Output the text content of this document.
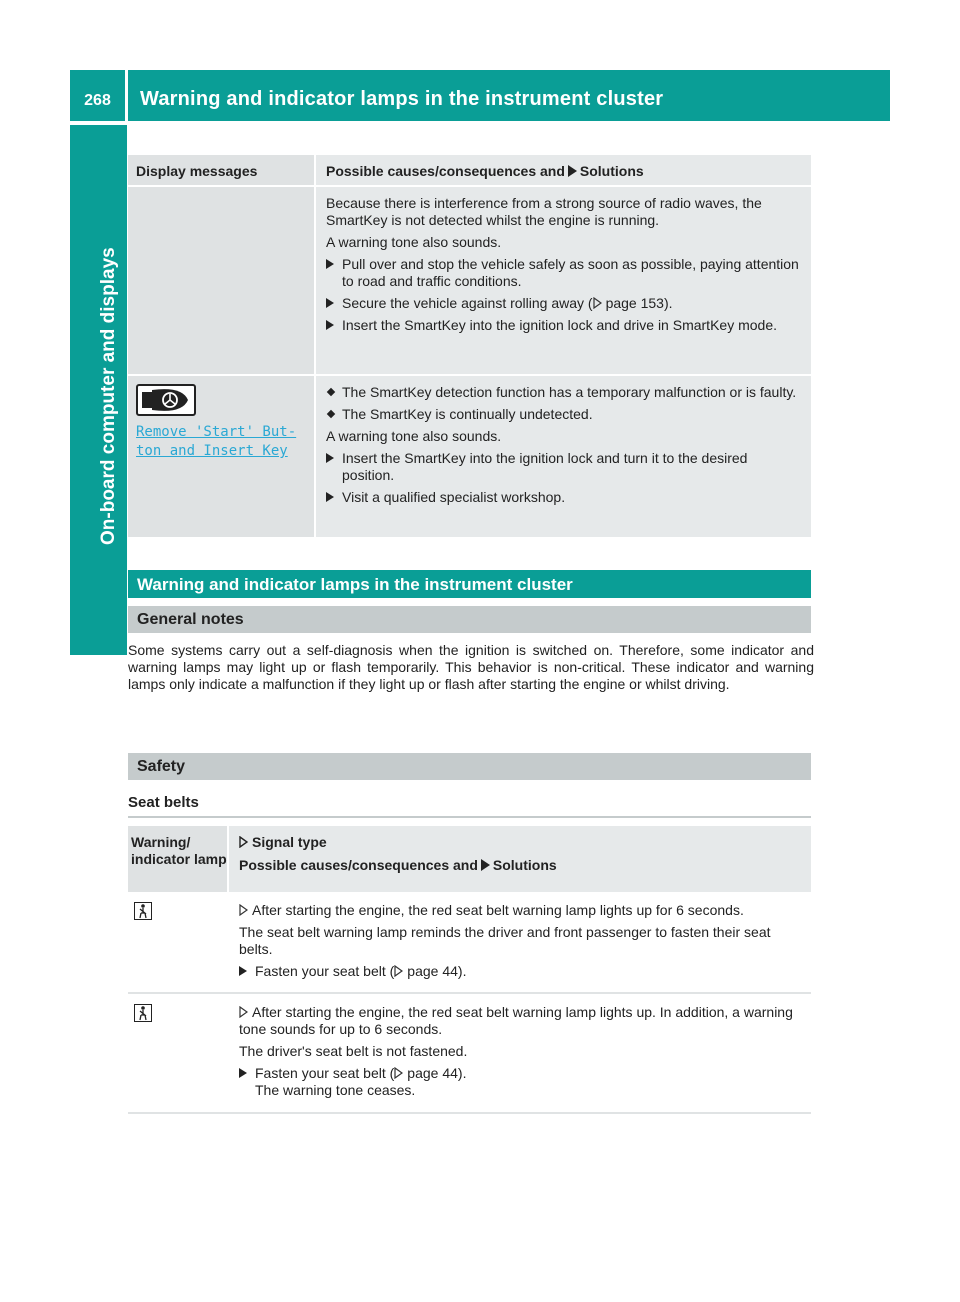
268	Warning and indicator lamps in the instrument cluster
On-board computer and displays
Display messages	Possible causes/consequences and Solutions

Because there is interference from a strong source of radio waves, the SmartKey is not detected whilst the engine is running.

A warning tone also sounds.

Pull over and stop the vehicle safely as soon as possible, paying attention to road and traffic conditions.
Secure the vehicle against rolling away ( page 153).
Insert the SmartKey into the ignition lock and drive in SmartKey mode.
Remove 'Start' But‐
ton and Insert Key
The SmartKey detection function has a temporary malfunction or is faulty.
The SmartKey is continually undetected.

A warning tone also sounds.

Insert the SmartKey into the ignition lock and turn it to the desired position.
Visit a qualified specialist workshop.
Warning and indicator lamps in the instrument cluster
General notes
Some systems carry out a self-diagnosis when the ignition is switched on. Therefore, some indicator and warning lamps may light up or flash temporarily. This behavior is non-critical. These indicator and warning lamps only indicate a malfunction if they light up or flash after starting the engine or whilst driving.
Safety
Seat belts
Warning/ indicator lamp
Signal type
Possible causes/consequences and Solutions

After starting the engine, the red seat belt warning lamp lights up for 6 seconds.

The seat belt warning lamp reminds the driver and front passenger to fasten their seat belts.

Fasten your seat belt ( page 44).

After starting the engine, the red seat belt warning lamp lights up. In addition, a warning tone sounds for up to 6 seconds.

The driver's seat belt is not fastened.

Fasten your seat belt ( page 44).
The warning tone ceases.
